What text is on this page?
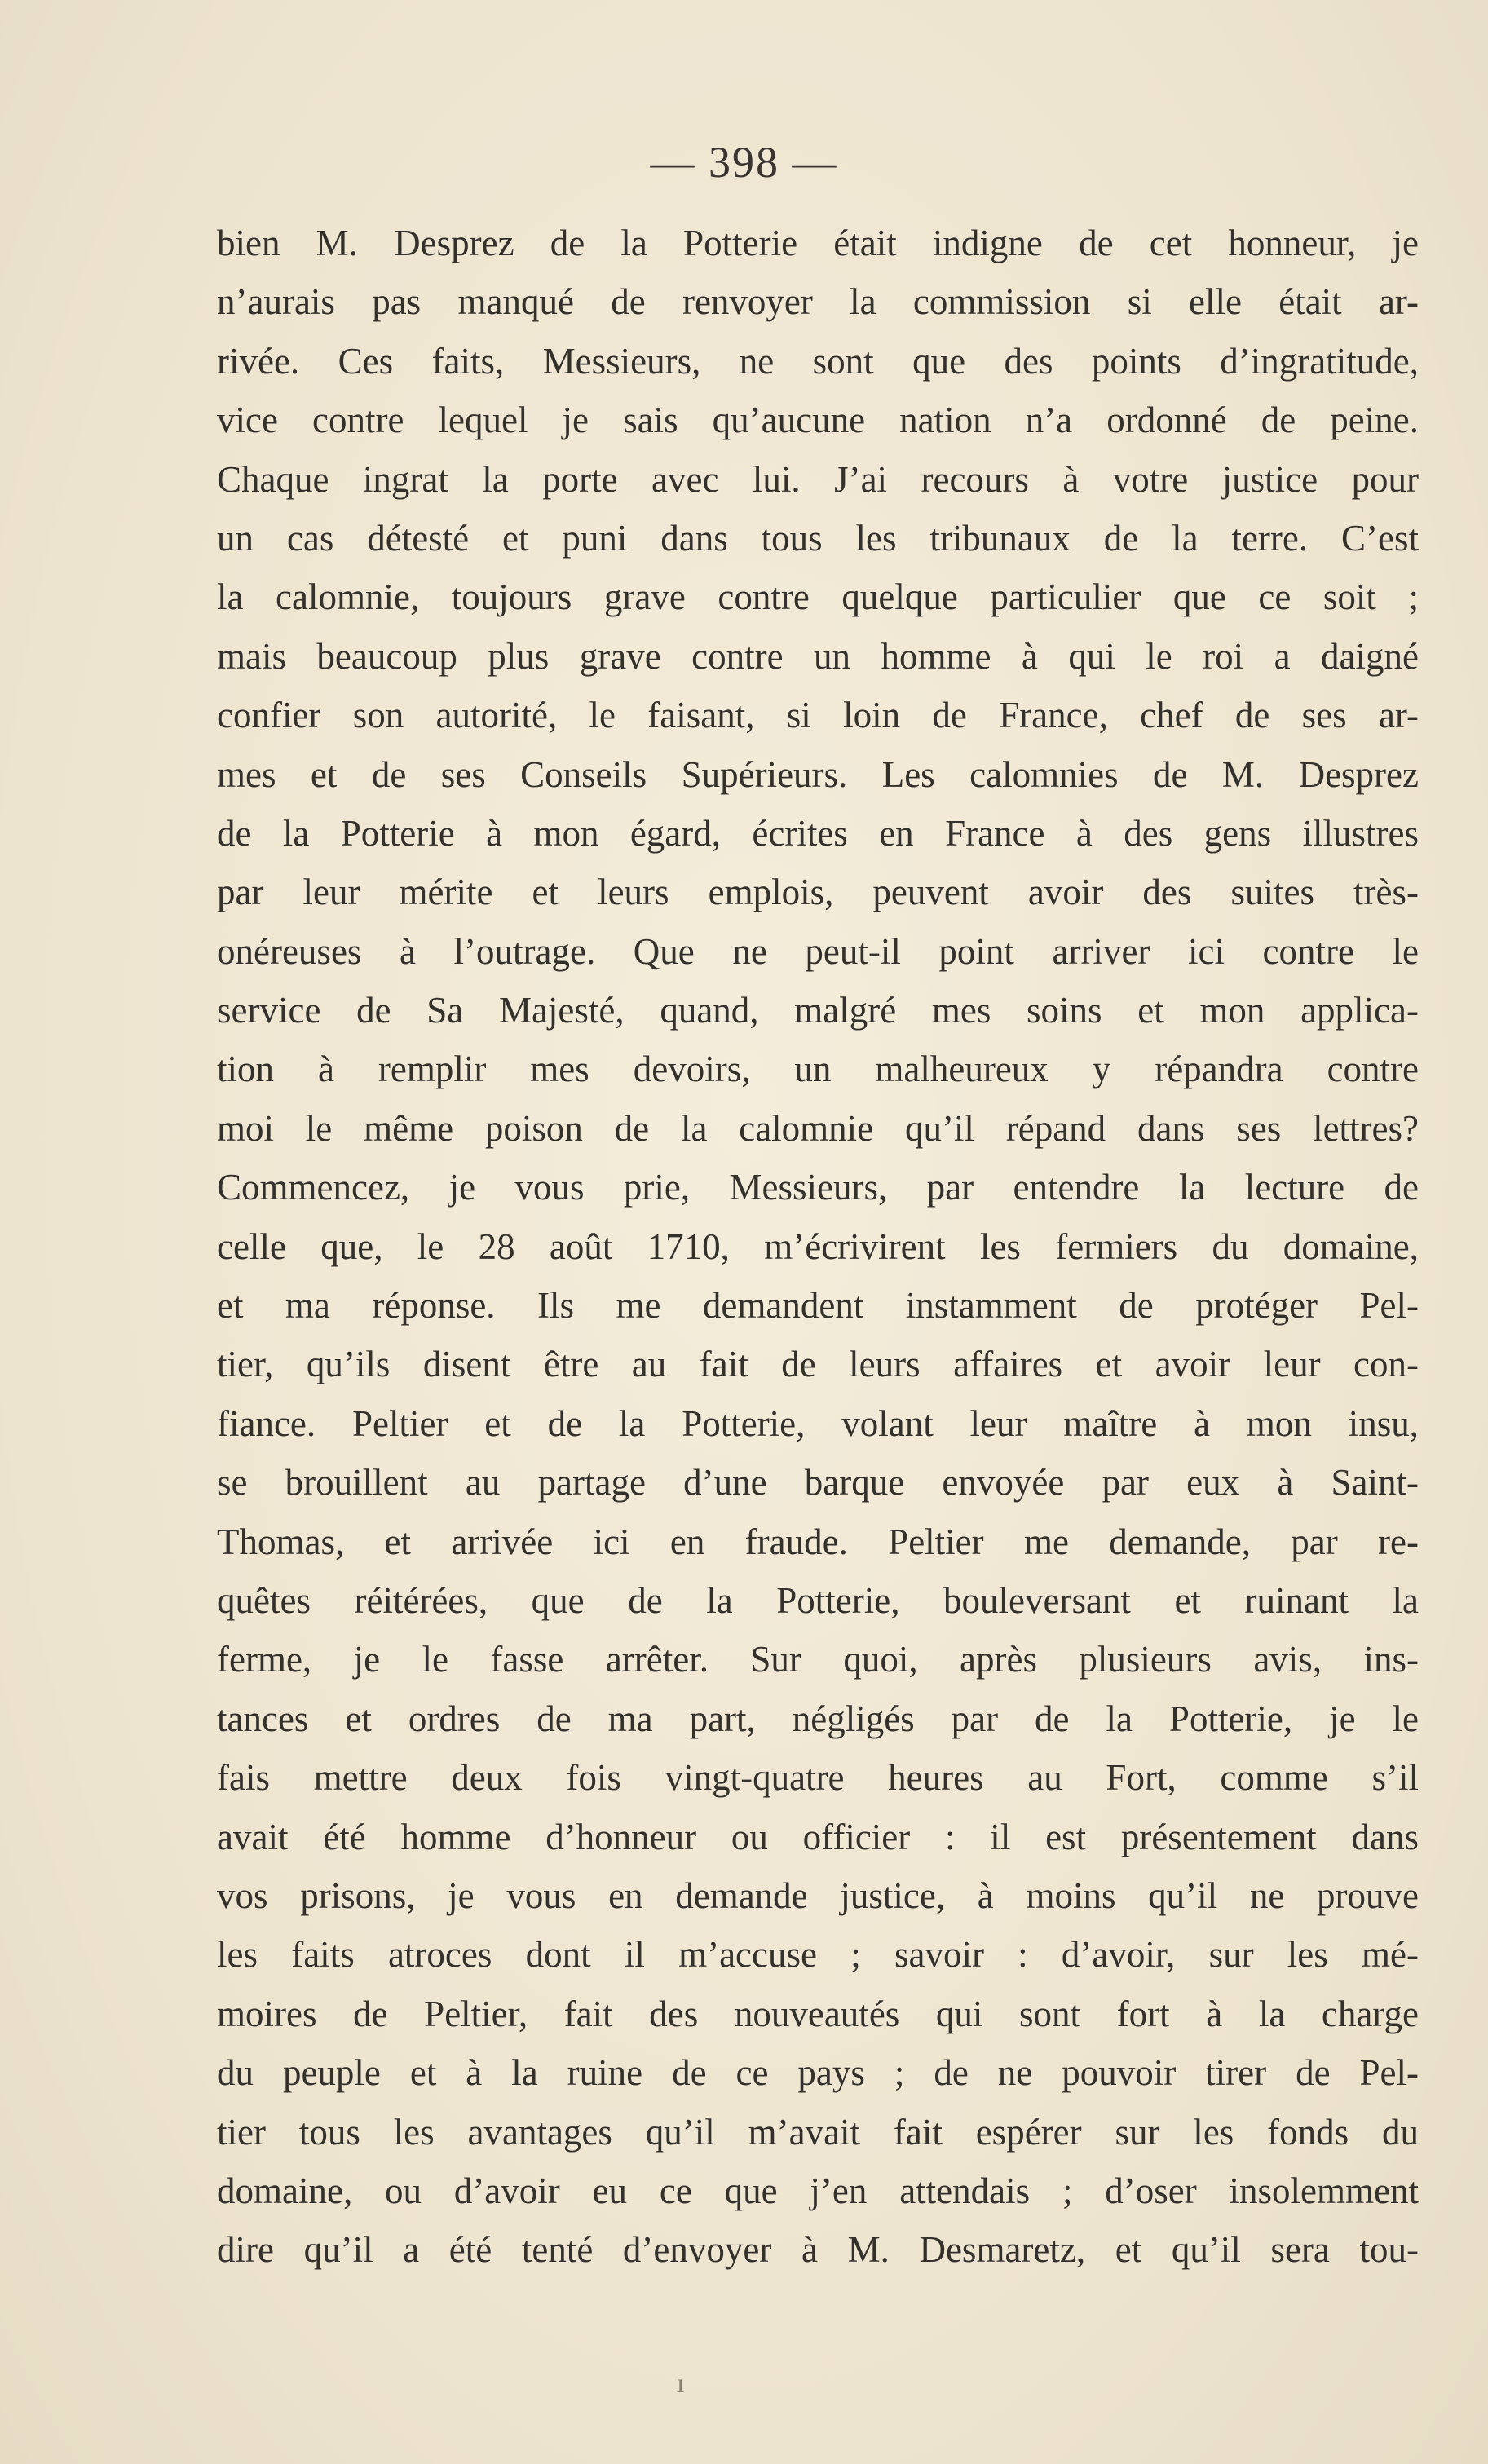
— 398 —
bien M. Desprez de la Potterie était indigne de cet honneur, je
n’aurais pas manqué de renvoyer la commission si elle était ar-
rivée. Ces faits, Messieurs, ne sont que des points d’ingratitude,
vice contre lequel je sais qu’aucune nation n’a ordonné de peine.
Chaque ingrat la porte avec lui. J’ai recours à votre justice pour
un cas détesté et puni dans tous les tribunaux de la terre. C’est
la calomnie, toujours grave contre quelque particulier que ce soit ;
mais beaucoup plus grave contre un homme à qui le roi a daigné
confier son autorité, le faisant, si loin de France, chef de ses ar-
mes et de ses Conseils Supérieurs. Les calomnies de M. Desprez
de la Potterie à mon égard, écrites en France à des gens illustres
par leur mérite et leurs emplois, peuvent avoir des suites très-
onéreuses à l’outrage. Que ne peut-il point arriver ici contre le
service de Sa Majesté, quand, malgré mes soins et mon applica-
tion à remplir mes devoirs, un malheureux y répandra contre
moi le même poison de la calomnie qu’il répand dans ses lettres?
Commencez, je vous prie, Messieurs, par entendre la lecture de
celle que, le 28 août 1710, m’écrivirent les fermiers du domaine,
et ma réponse. Ils me demandent instamment de protéger Pel-
tier, qu’ils disent être au fait de leurs affaires et avoir leur con-
fiance. Peltier et de la Potterie, volant leur maître à mon insu,
se brouillent au partage d’une barque envoyée par eux à Saint-
Thomas, et arrivée ici en fraude. Peltier me demande, par re-
quêtes réitérées, que de la Potterie, bouleversant et ruinant la
ferme, je le fasse arrêter. Sur quoi, après plusieurs avis, ins-
tances et ordres de ma part, négligés par de la Potterie, je le
fais mettre deux fois vingt-quatre heures au Fort, comme s’il
avait été homme d’honneur ou officier : il est présentement dans
vos prisons, je vous en demande justice, à moins qu’il ne prouve
les faits atroces dont il m’accuse ; savoir : d’avoir, sur les mé-
moires de Peltier, fait des nouveautés qui sont fort à la charge
du peuple et à la ruine de ce pays ; de ne pouvoir tirer de Pel-
tier tous les avantages qu’il m’avait fait espérer sur les fonds du
domaine, ou d’avoir eu ce que j’en attendais ; d’oser insolemment
dire qu’il a été tenté d’envoyer à M. Desmaretz, et qu’il sera tou-
ı
